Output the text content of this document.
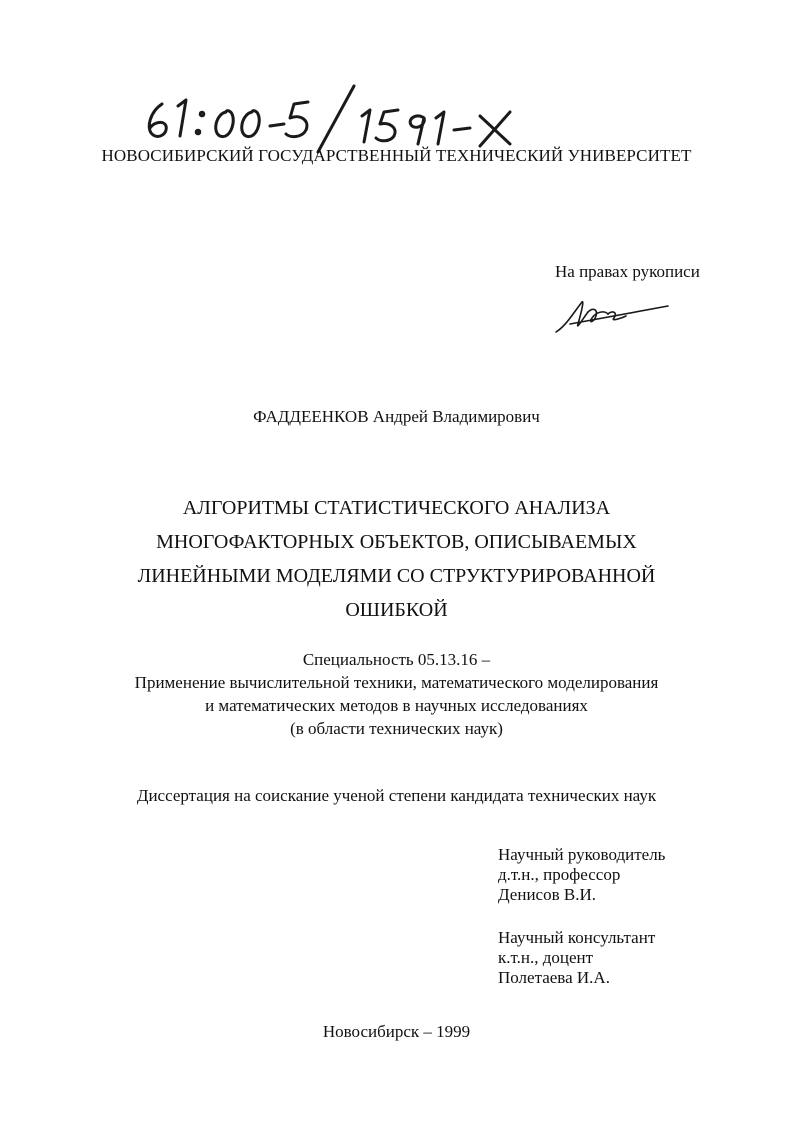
НОВОСИБИРСКИЙ ГОСУДАРСТВЕННЫЙ ТЕХНИЧЕСКИЙ УНИВЕРСИТЕТ
На правах рукописи
ФАДДЕЕНКОВ Андрей Владимирович
АЛГОРИТМЫ СТАТИСТИЧЕСКОГО АНАЛИЗА
МНОГОФАКТОРНЫХ ОБЪЕКТОВ, ОПИСЫВАЕМЫХ
ЛИНЕЙНЫМИ МОДЕЛЯМИ СО СТРУКТУРИРОВАННОЙ
ОШИБКОЙ
Специальность 05.13.16 –
Применение вычислительной техники, математического моделирования
и математических методов в научных исследованиях
(в области технических наук)
Диссертация на соискание ученой степени кандидата технических наук
Научный руководитель
д.т.н., профессор
Денисов В.И.
Научный консультант
к.т.н., доцент
Полетаева И.А.
Новосибирск – 1999
